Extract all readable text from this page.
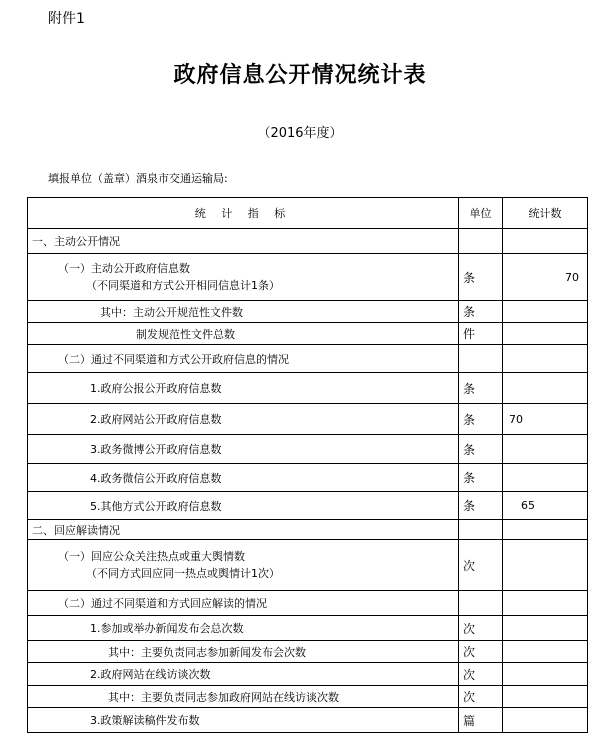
附件1
政府信息公开情况统计表
（2016年度）
填报单位（盖章）酒泉市交通运输局:
统 计 指 标	单位	统计数
一、主动公开情况		

（一）主动公开政府信息数
（不同渠道和方式公开相同信息计1条）	条	70
其中：主动公开规范性文件数	条	
制发规范性文件总数	件	
（二）通过不同渠道和方式公开政府信息的情况		
1.政府公报公开政府信息数	条	
2.政府网站公开政府信息数	条	70
3.政务微博公开政府信息数	条	
4.政务微信公开政府信息数	条	
5.其他方式公开政府信息数	条	65
二、回应解读情况		

（一）回应公众关注热点或重大舆情数
（不同方式回应同一热点或舆情计1次）	次	
（二）通过不同渠道和方式回应解读的情况		
1.参加或举办新闻发布会总次数	次	
其中：主要负责同志参加新闻发布会次数	次	
2.政府网站在线访谈次数	次	
其中：主要负责同志参加政府网站在线访谈次数	次	
3.政策解读稿件发布数	篇	
